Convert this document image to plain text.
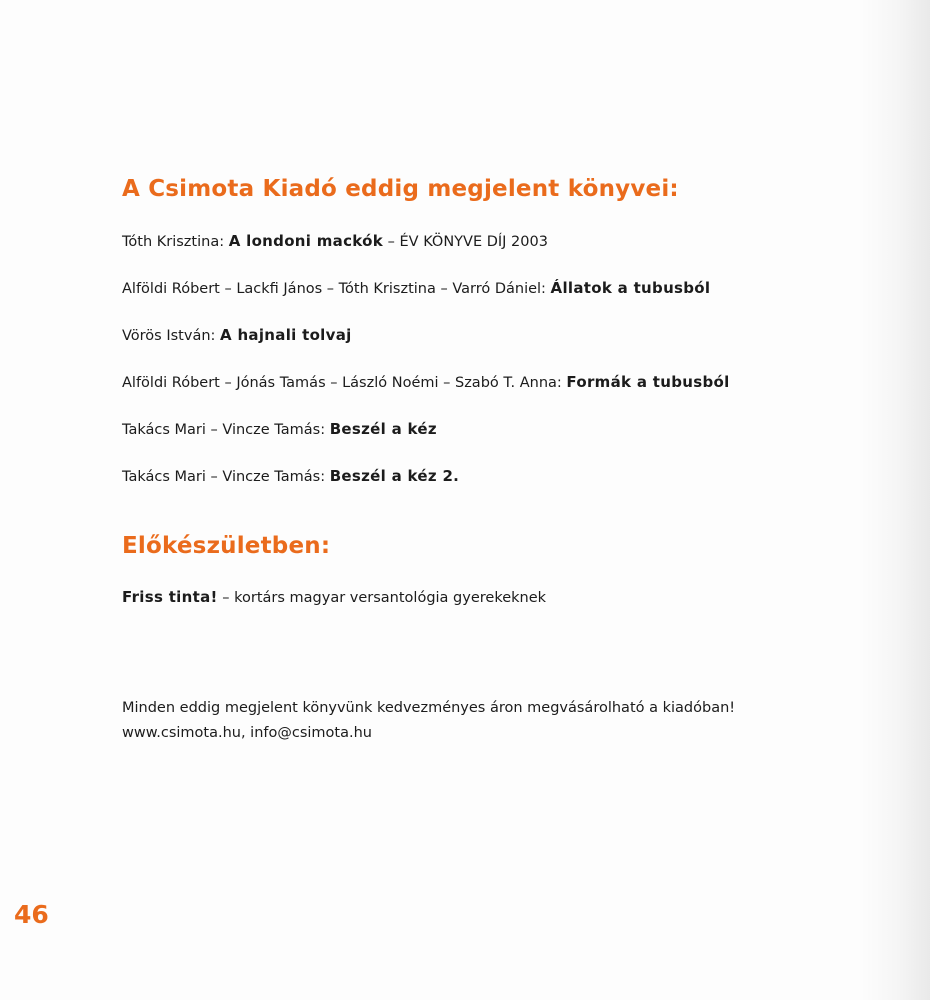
A Csimota Kiadó eddig megjelent könyvei:
Tóth Krisztina: A londoni mackók – ÉV KÖNYVE DÍJ 2003
Alföldi Róbert – Lackfi János – Tóth Krisztina – Varró Dániel: Állatok a tubusból
Vörös István: A hajnali tolvaj
Alföldi Róbert – Jónás Tamás – László Noémi – Szabó T. Anna: Formák a tubusból
Takács Mari – Vincze Tamás: Beszél a kéz
Takács Mari – Vincze Tamás: Beszél a kéz 2.
Előkészületben:
Friss tinta! – kortárs magyar versantológia gyerekeknek
Minden eddig megjelent könyvünk kedvezményes áron megvásárolható a kiadóban!
www.csimota.hu, info@csimota.hu
46
